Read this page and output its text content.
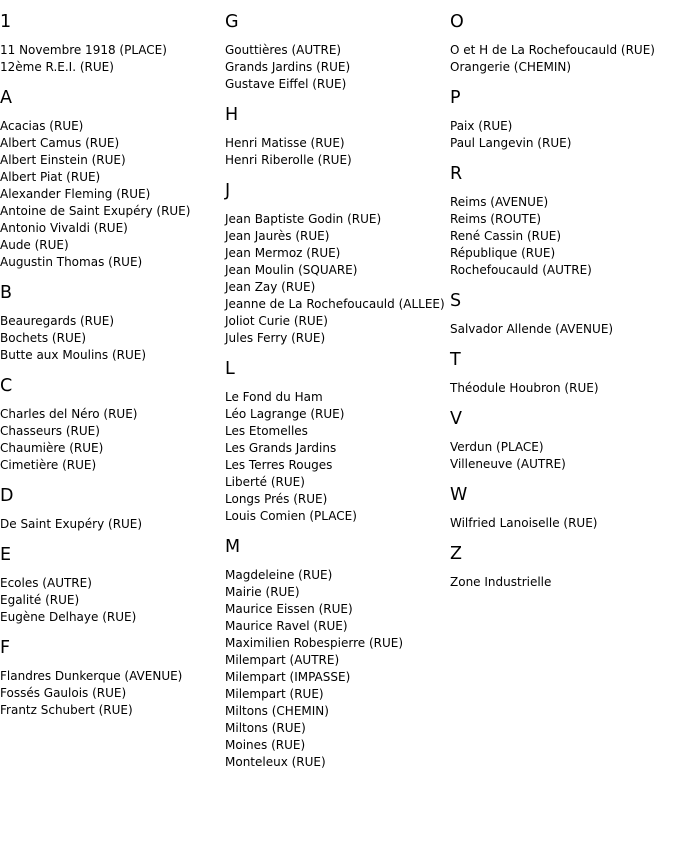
1
11 Novembre 1918 (PLACE)
12ème R.E.I. (RUE)
A
Acacias (RUE)
Albert Camus (RUE)
Albert Einstein (RUE)
Albert Piat (RUE)
Alexander Fleming (RUE)
Antoine de Saint Exupéry (RUE)
Antonio Vivaldi (RUE)
Aude (RUE)
Augustin Thomas (RUE)
B
Beauregards (RUE)
Bochets (RUE)
Butte aux Moulins (RUE)
C
Charles del Néro (RUE)
Chasseurs (RUE)
Chaumière (RUE)
Cimetière (RUE)
D
De Saint Exupéry (RUE)
E
Ecoles (AUTRE)
Egalité (RUE)
Eugène Delhaye (RUE)
F
Flandres Dunkerque (AVENUE)
Fossés Gaulois (RUE)
Frantz Schubert (RUE)
G
Gouttières (AUTRE)
Grands Jardins (RUE)
Gustave Eiffel (RUE)
H
Henri Matisse (RUE)
Henri Riberolle (RUE)
J
Jean Baptiste Godin (RUE)
Jean Jaurès (RUE)
Jean Mermoz (RUE)
Jean Moulin (SQUARE)
Jean Zay (RUE)
Jeanne de La Rochefoucauld (ALLEE)
Joliot Curie (RUE)
Jules Ferry (RUE)
L
Le Fond du Ham
Léo Lagrange (RUE)
Les Etomelles
Les Grands Jardins
Les Terres Rouges
Liberté (RUE)
Longs Prés (RUE)
Louis Comien (PLACE)
M
Magdeleine (RUE)
Mairie (RUE)
Maurice Eissen (RUE)
Maurice Ravel (RUE)
Maximilien Robespierre (RUE)
Milempart (AUTRE)
Milempart (IMPASSE)
Milempart (RUE)
Miltons (CHEMIN)
Miltons (RUE)
Moines (RUE)
Monteleux (RUE)
O
O et H de La Rochefoucauld (RUE)
Orangerie (CHEMIN)
P
Paix (RUE)
Paul Langevin (RUE)
R
Reims (AVENUE)
Reims (ROUTE)
René Cassin (RUE)
République (RUE)
Rochefoucauld (AUTRE)
S
Salvador Allende (AVENUE)
T
Théodule Houbron (RUE)
V
Verdun (PLACE)
Villeneuve (AUTRE)
W
Wilfried Lanoiselle (RUE)
Z
Zone Industrielle
